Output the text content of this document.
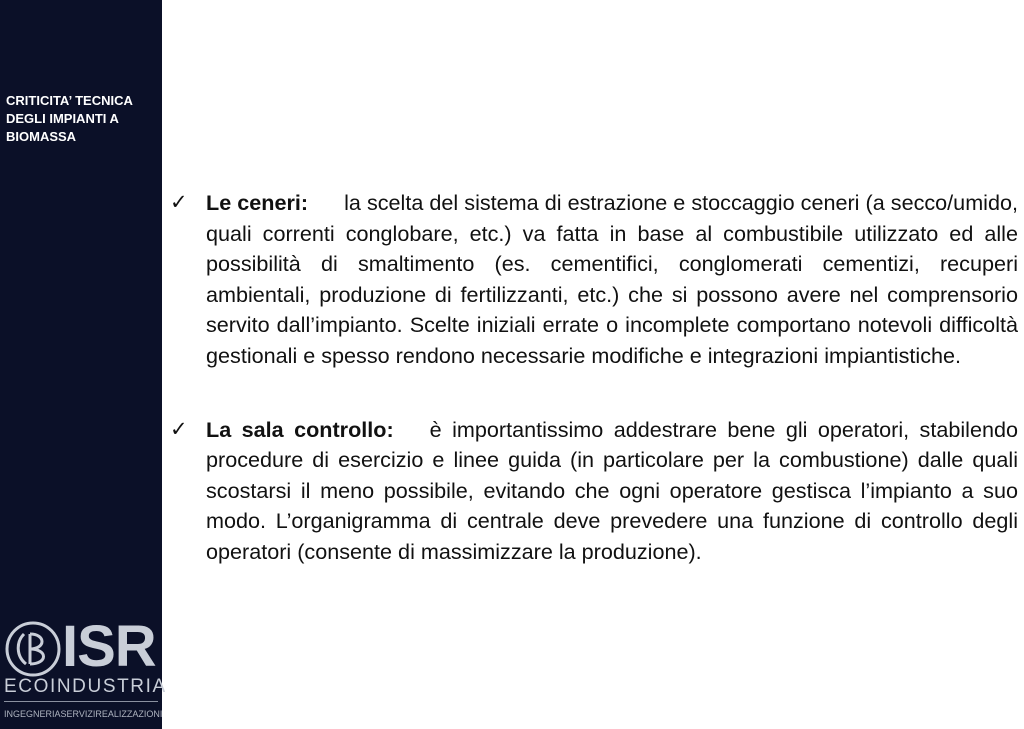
CRITICITA’ TECNICA DEGLI IMPIANTI A BIOMASSA
ISR
ECOINDUSTRIA
INGEGNERIASERVIZIREALIZZAZIONI
✓ Le ceneri: la scelta del sistema di estrazione e stoccaggio ceneri (a secco/umido, quali correnti conglobare, etc.) va fatta in base al combustibile utilizzato ed alle possibilità di smaltimento (es. cementifici, conglomerati cementizi, recuperi ambientali, produzione di fertilizzanti, etc.) che si possono avere nel comprensorio servito dall’impianto. Scelte iniziali errate o incomplete comportano notevoli difficoltà gestionali e spesso rendono necessarie modifiche e integrazioni impiantistiche.
✓ La sala controllo: è importantissimo addestrare bene gli operatori, stabilendo procedure di esercizio e linee guida (in particolare per la combustione) dalle quali scostarsi il meno possibile, evitando che ogni operatore gestisca l’impianto a suo modo. L’organigramma di centrale deve prevedere una funzione di controllo degli operatori (consente di massimizzare la produzione).
